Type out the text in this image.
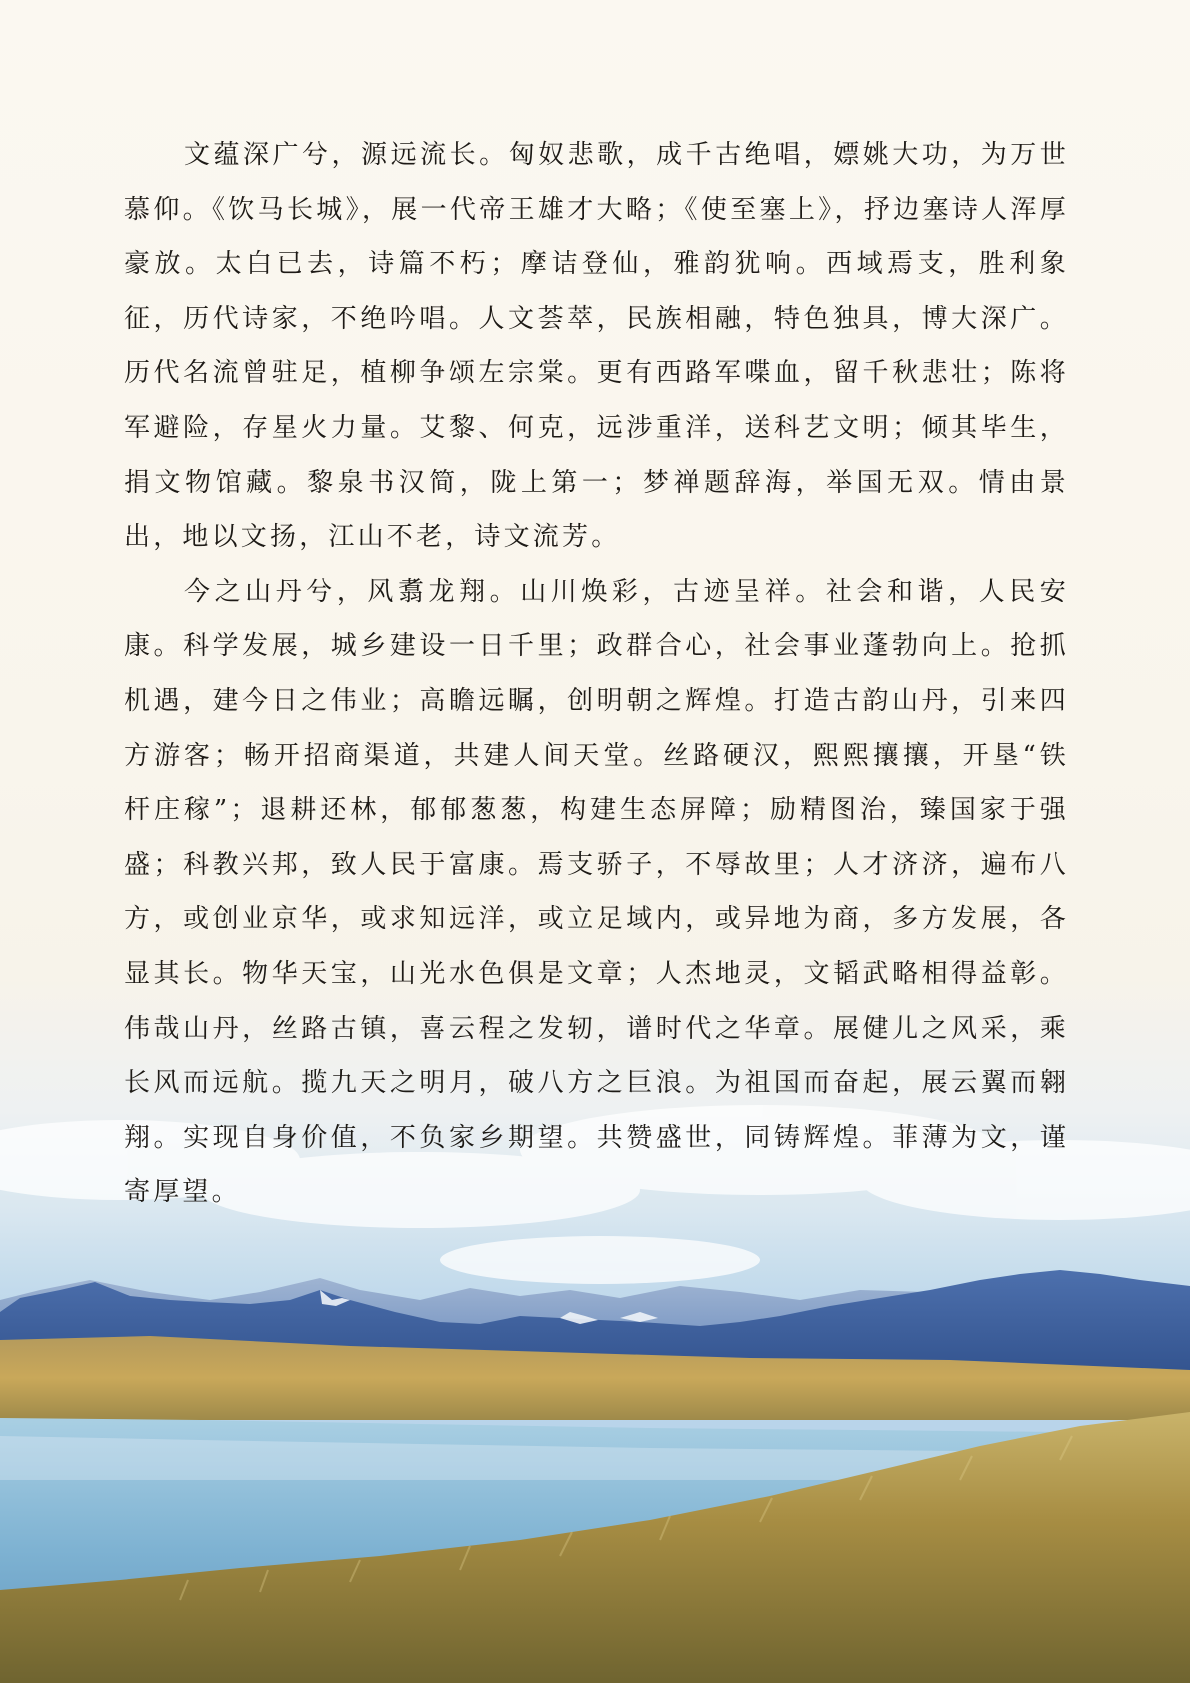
文蕴深广兮，源远流长。匈奴悲歌，成千古绝唱，嫖姚大功，为万世慕仰。《饮马长城》，展一代帝王雄才大略；《使至塞上》，抒边塞诗人浑厚豪放。太白已去，诗篇不朽；摩诘登仙，雅韵犹响。西域焉支，胜利象征，历代诗家，不绝吟唱。人文荟萃，民族相融，特色独具，博大深广。历代名流曾驻足，植柳争颂左宗棠。更有西路军喋血，留千秋悲壮；陈将军避险，存星火力量。艾黎、何克，远涉重洋，送科艺文明；倾其毕生，捐文物馆藏。黎泉书汉简，陇上第一；梦禅题辞海，举国无双。情由景出，地以文扬，江山不老，诗文流芳。

今之山丹兮，风翥龙翔。山川焕彩，古迹呈祥。社会和谐，人民安康。科学发展，城乡建设一日千里；政群合心，社会事业蓬勃向上。抢抓机遇，建今日之伟业；高瞻远瞩，创明朝之辉煌。打造古韵山丹，引来四方游客；畅开招商渠道，共建人间天堂。丝路硬汉，熙熙攘攘，开垦“铁杆庄稼”；退耕还林，郁郁葱葱，构建生态屏障；励精图治，臻国家于强盛；科教兴邦，致人民于富康。焉支骄子，不辱故里；人才济济，遍布八方，或创业京华，或求知远洋，或立足域内，或异地为商，多方发展，各显其长。物华天宝，山光水色俱是文章；人杰地灵，文韬武略相得益彰。伟哉山丹，丝路古镇，喜云程之发轫，谱时代之华章。展健儿之风采，乘长风而远航。揽九天之明月，破八方之巨浪。为祖国而奋起，展云翼而翱翔。实现自身价值，不负家乡期望。共赞盛世，同铸辉煌。菲薄为文，谨寄厚望。
